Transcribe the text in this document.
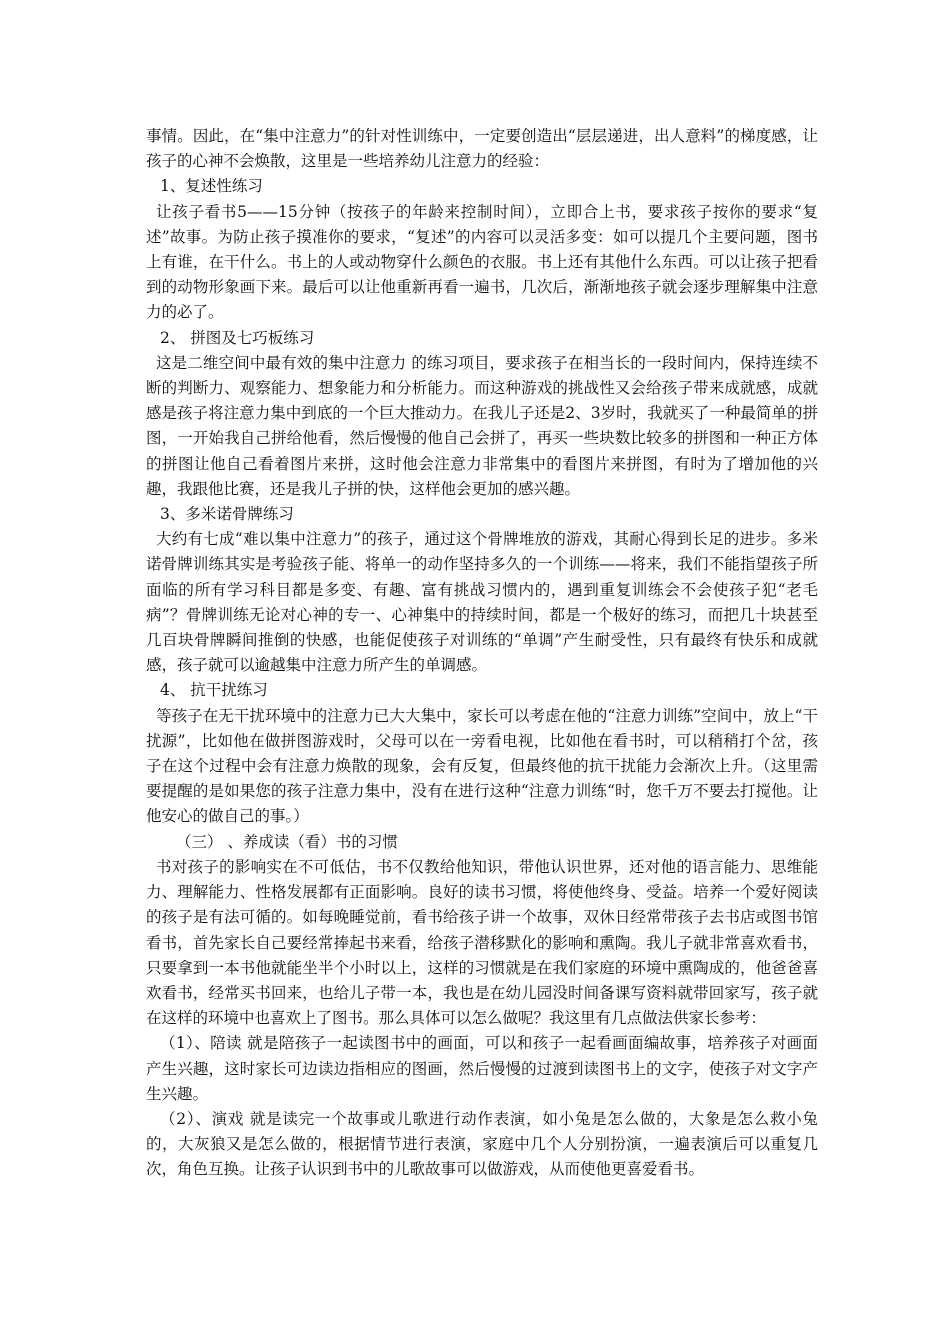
事情。因此，在“集中注意力”的针对性训练中，一定要创造出“层层递进，出人意料”的梯度感，让孩子的心神不会焕散，这里是一些培养幼儿注意力的经验：

1、复述性练习

让孩子看书5——15分钟（按孩子的年龄来控制时间），立即合上书，要求孩子按你的要求“复述”故事。为防止孩子摸准你的要求，“复述”的内容可以灵活多变：如可以提几个主要问题，图书上有谁，在干什么。书上的人或动物穿什么颜色的衣服。书上还有其他什么东西。可以让孩子把看到的动物形象画下来。最后可以让他重新再看一遍书，几次后，渐渐地孩子就会逐步理解集中注意力的必了。

2、 拼图及七巧板练习

这是二维空间中最有效的集中注意力 的练习项目，要求孩子在相当长的一段时间内，保持连续不断的判断力、观察能力、想象能力和分析能力。而这种游戏的挑战性又会给孩子带来成就感，成就感是孩子将注意力集中到底的一个巨大推动力。在我儿子还是2、3岁时，我就买了一种最简单的拼图，一开始我自己拼给他看，然后慢慢的他自己会拼了，再买一些块数比较多的拼图和一种正方体的拼图让他自己看着图片来拼，这时他会注意力非常集中的看图片来拼图，有时为了增加他的兴趣，我跟他比赛，还是我儿子拼的快，这样他会更加的感兴趣。

3、多米诺骨牌练习

大约有七成“难以集中注意力”的孩子，通过这个骨牌堆放的游戏，其耐心得到长足的进步。多米诺骨牌训练其实是考验孩子能、将单一的动作坚持多久的一个训练——将来，我们不能指望孩子所面临的所有学习科目都是多变、有趣、富有挑战习惯内的，遇到重复训练会不会使孩子犯“老毛病”？骨牌训练无论对心神的专一、心神集中的持续时间，都是一个极好的练习，而把几十块甚至几百块骨牌瞬间推倒的快感，也能促使孩子对训练的“单调”产生耐受性，只有最终有快乐和成就感，孩子就可以逾越集中注意力所产生的单调感。

4、 抗干扰练习

等孩子在无干扰环境中的注意力已大大集中，家长可以考虑在他的“注意力训练”空间中，放上“干扰源”，比如他在做拼图游戏时，父母可以在一旁看电视，比如他在看书时，可以稍稍打个岔，孩子在这个过程中会有注意力焕散的现象，会有反复，但最终他的抗干扰能力会渐次上升。（这里需要提醒的是如果您的孩子注意力集中，没有在进行这种“注意力训练“时，您千万不要去打搅他。让他安心的做自己的事。）

（三） 、养成读（看）书的习惯

书对孩子的影响实在不可低估，书不仅教给他知识，带他认识世界，还对他的语言能力、思维能力、理解能力、性格发展都有正面影响。良好的读书习惯，将使他终身、受益。培养一个爱好阅读的孩子是有法可循的。如每晚睡觉前，看书给孩子讲一个故事，双休日经常带孩子去书店或图书馆看书，首先家长自己要经常捧起书来看，给孩子潜移默化的影响和熏陶。我儿子就非常喜欢看书，只要拿到一本书他就能坐半个小时以上，这样的习惯就是在我们家庭的环境中熏陶成的，他爸爸喜欢看书，经常买书回来，也给儿子带一本，我也是在幼儿园没时间备课写资料就带回家写，孩子就在这样的环境中也喜欢上了图书。那么具体可以怎么做呢？我这里有几点做法供家长参考：

（1）、陪读 就是陪孩子一起读图书中的画面，可以和孩子一起看画面编故事，培养孩子对画面产生兴趣，这时家长可边读边指相应的图画，然后慢慢的过渡到读图书上的文字，使孩子对文字产生兴趣。

（2）、演戏 就是读完一个故事或儿歌进行动作表演，如小兔是怎么做的，大象是怎么救小兔的，大灰狼又是怎么做的，根据情节进行表演，家庭中几个人分别扮演，一遍表演后可以重复几次，角色互换。让孩子认识到书中的儿歌故事可以做游戏，从而使他更喜爱看书。
